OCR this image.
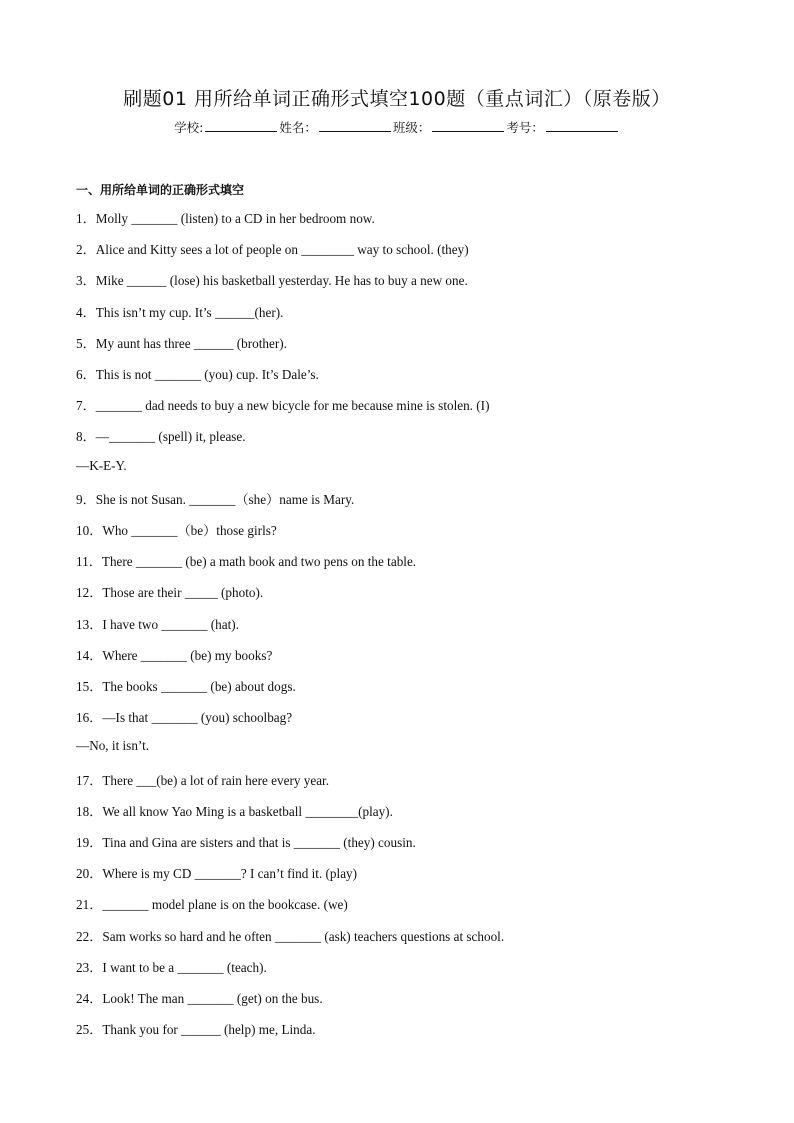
刷题01 用所给单词正确形式填空100题（重点词汇）（原卷版）
学校:	姓名：	班级：	考号：
一、用所给单词的正确形式填空
1．Molly _______ (listen) to a CD in her bedroom now.
2．Alice and Kitty sees a lot of people on ________ way to school. (they)
3．Mike ______ (lose) his basketball yesterday. He has to buy a new one.
4．This isn’t my cup. It’s ______(her).
5．My aunt has three ______ (brother).
6．This is not _______ (you) cup. It’s Dale’s.
7．_______ dad needs to buy a new bicycle for me because mine is stolen. (I)
8．—_______ (spell) it, please.
—K-E-Y.
9．She is not Susan. _______（she）name is Mary.
10．Who _______（be）those girls?
11．There _______ (be) a math book and two pens on the table.
12．Those are their _____ (photo).
13．I have two _______ (hat).
14．Where _______ (be) my books?
15．The books _______ (be) about dogs.
16．—Is that _______ (you) schoolbag?
—No, it isn’t.
17．There ___(be) a lot of rain here every year.
18．We all know Yao Ming is a basketball ________(play).
19．Tina and Gina are sisters and that is _______ (they) cousin.
20．Where is my CD _______? I can’t find it. (play)
21．_______ model plane is on the bookcase. (we)
22．Sam works so hard and he often _______ (ask) teachers questions at school.
23．I want to be a _______ (teach).
24．Look! The man _______ (get) on the bus.
25．Thank you for ______ (help) me, Linda.
